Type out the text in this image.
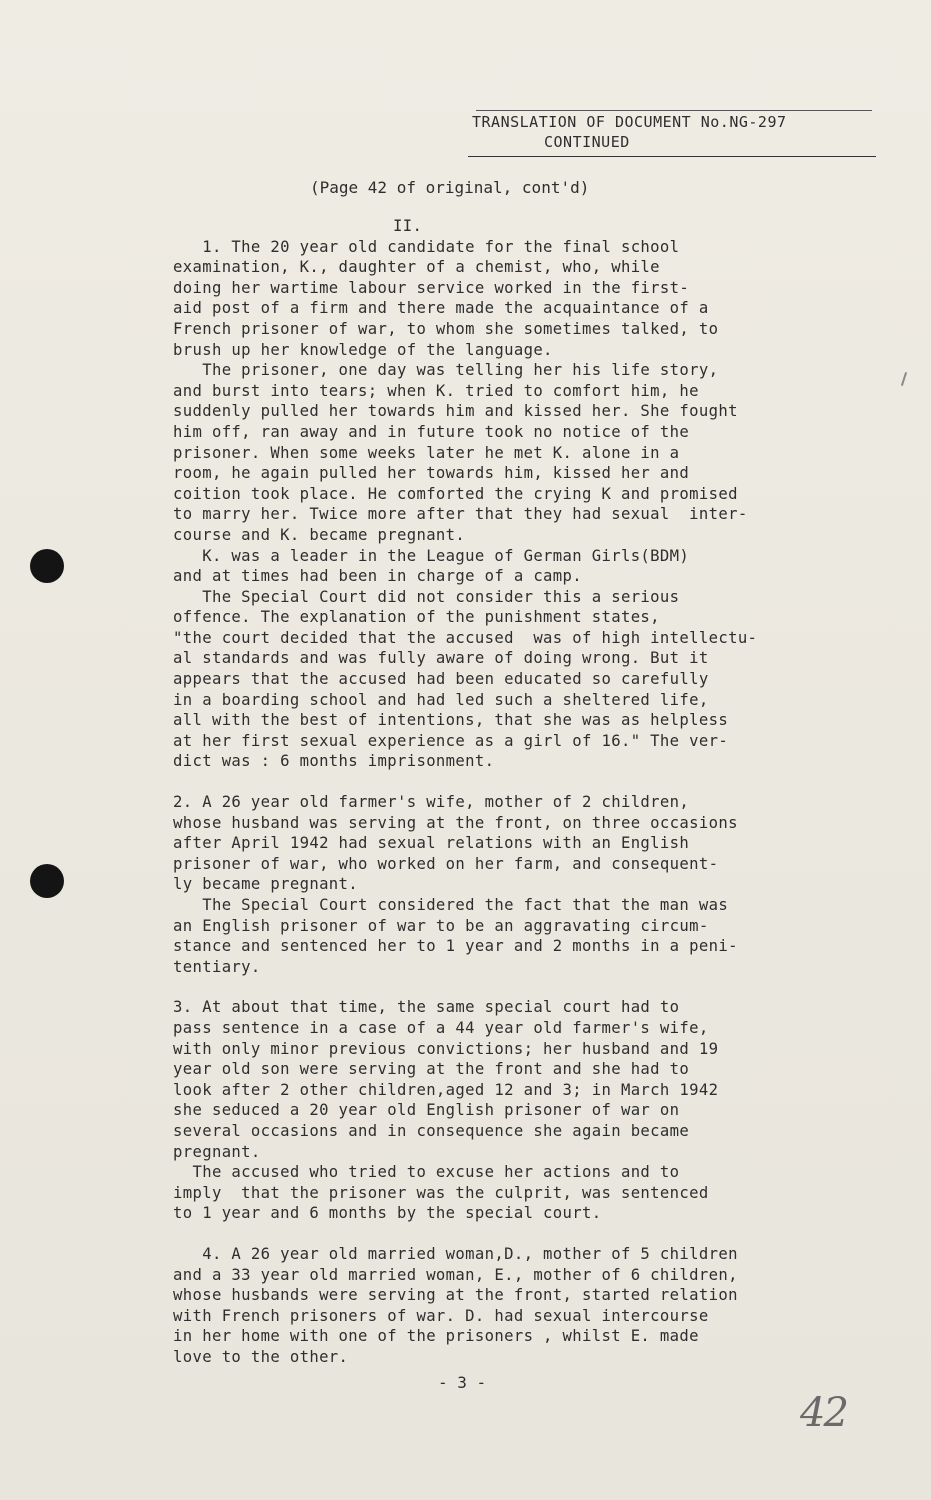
TRANSLATION OF DOCUMENT No.NG-297
CONTINUED
(Page 42 of original, cont'd)
II.
1. The 20 year old candidate for the final school
examination, K., daughter of a chemist, who, while
doing her wartime labour service worked in the first-
aid post of a firm and there made the acquaintance of a
French prisoner of war, to whom she sometimes talked, to
brush up her knowledge of the language.
The prisoner, one day was telling her his life story,
and burst into tears; when K. tried to comfort him, he
suddenly pulled her towards him and kissed her. She fought
him off, ran away and in future took no notice of the
prisoner. When some weeks later he met K. alone in a
room, he again pulled her towards him, kissed her and
coition took place. He comforted the crying K and promised
to marry her. Twice more after that they had sexual  inter-
course and K. became pregnant.
K. was a leader in the League of German Girls(BDM)
and at times had been in charge of a camp.
The Special Court did not consider this a serious
offence. The explanation of the punishment states,
"the court decided that the accused  was of high intellectu-
al standards and was fully aware of doing wrong. But it
appears that the accused had been educated so carefully
in a boarding school and had led such a sheltered life,
all with the best of intentions, that she was as helpless
at her first sexual experience as a girl of 16." The ver-
dict was : 6 months imprisonment.
2. A 26 year old farmer's wife, mother of 2 children,
whose husband was serving at the front, on three occasions
after April 1942 had sexual relations with an English
prisoner of war, who worked on her farm, and consequent-
ly became pregnant.
The Special Court considered the fact that the man was
an English prisoner of war to be an aggravating circum-
stance and sentenced her to 1 year and 2 months in a peni-
tentiary.
3. At about that time, the same special court had to
pass sentence in a case of a 44 year old farmer's wife,
with only minor previous convictions; her husband and 19
year old son were serving at the front and she had to
look after 2 other children,aged 12 and 3; in March 1942
she seduced a 20 year old English prisoner of war on
several occasions and in consequence she again became
pregnant.
The accused who tried to excuse her actions and to
imply  that the prisoner was the culprit, was sentenced
to 1 year and 6 months by the special court.
4. A 26 year old married woman,D., mother of 5 children
and a 33 year old married woman, E., mother of 6 children,
whose husbands were serving at the front, started relation
with French prisoners of war. D. had sexual intercourse
in her home with one of the prisoners , whilst E. made
love to the other.
- 3 -
42
